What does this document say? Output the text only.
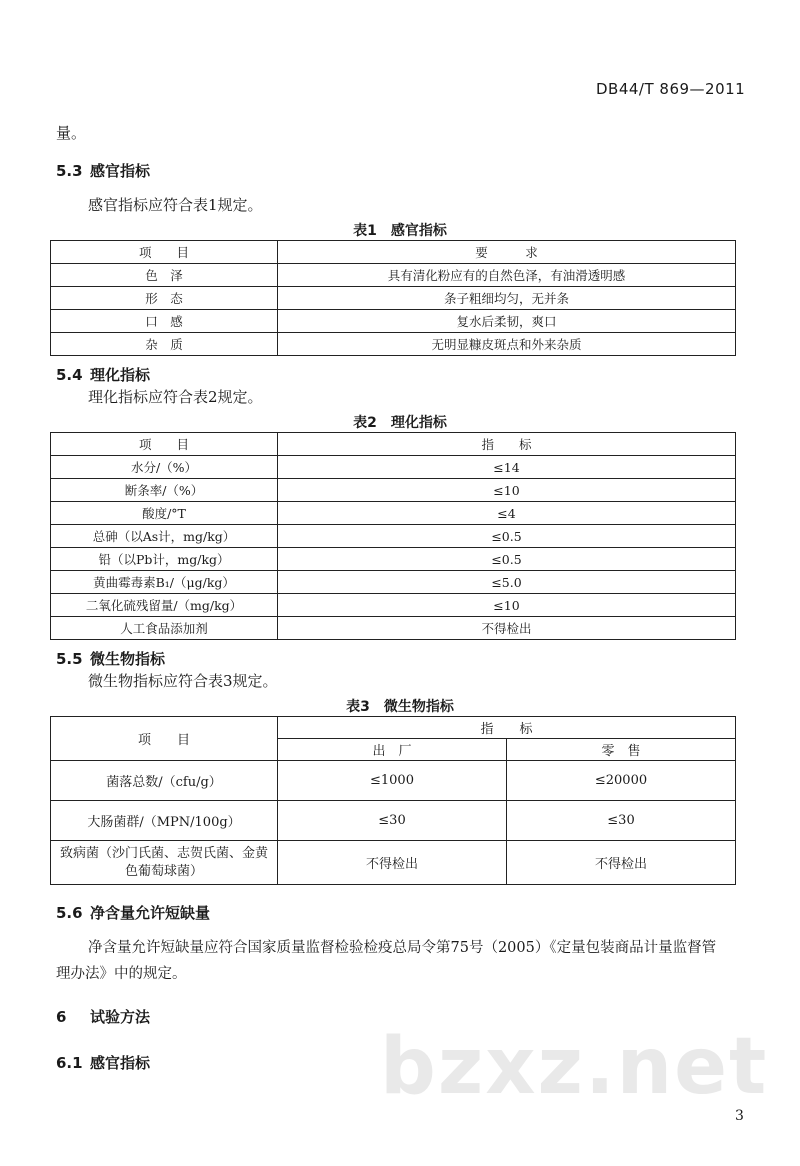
DB44/T 869—2011
量。
5.3 感官指标
感官指标应符合表1规定。
表1　感官指标
项　　目	要　　　求
色　泽	具有清化粉应有的自然色泽，有油滑透明感
形　态	条子粗细均匀，无并条
口　感	复水后柔韧，爽口
杂　质	无明显糠皮斑点和外来杂质
5.4 理化指标
理化指标应符合表2规定。
表2　理化指标
项　　目	指　　标
水分/（%）	≤14
断条率/（%）	≤10
酸度/°T	≤4
总砷（以As计，mg/kg）	≤0.5
铅（以Pb计，mg/kg）	≤0.5
黄曲霉毒素B₁/（μg/kg）	≤5.0
二氧化硫残留量/（mg/kg）	≤10
人工食品添加剂	不得检出
5.5 微生物指标
微生物指标应符合表3规定。
表3　微生物指标
项　　目	指　　标	
	出　厂	零　售
菌落总数/（cfu/g）	≤1000	≤20000
大肠菌群/（MPN/100g）	≤30	≤30
致病菌（沙门氏菌、志贺氏菌、金黄色葡萄球菌）	不得检出	不得检出
5.6 净含量允许短缺量
净含量允许短缺量应符合国家质量监督检验检疫总局令第75号（2005）《定量包装商品计量监督管
理办法》中的规定。
6 试验方法
6.1 感官指标	bzxz.net
3
